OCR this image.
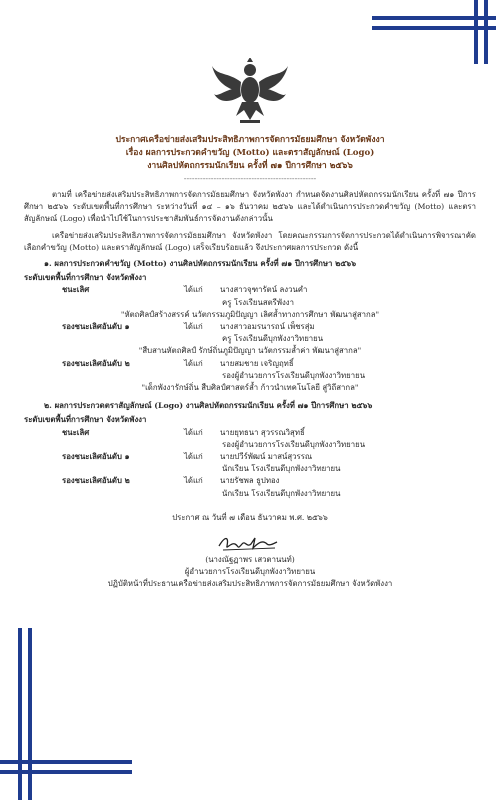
ประกาศเครือข่ายส่งเสริมประสิทธิภาพการจัดการมัธยมศึกษา จังหวัดพังงา
เรื่อง ผลการประกวดคำขวัญ (Motto) และตราสัญลักษณ์ (Logo)
งานศิลปหัตถกรรมนักเรียน ครั้งที่ ๗๑ ปีการศึกษา ๒๕๖๖
-------------------------------------------------

ตามที่ เครือข่ายส่งเสริมประสิทธิภาพการจัดการมัธยมศึกษา จังหวัดพังงา กำหนดจัดงานศิลปหัตถกรรมนักเรียน ครั้งที่ ๗๑ ปีการศึกษา ๒๕๖๖ ระดับเขตพื้นที่การศึกษา ระหว่างวันที่ ๑๔ – ๑๖ ธันวาคม ๒๕๖๖ และได้ดำเนินการประกวดคำขวัญ (Motto) และตราสัญลักษณ์ (Logo) เพื่อนำไปใช้ในการประชาสัมพันธ์การจัดงานดังกล่าวนั้น

เครือข่ายส่งเสริมประสิทธิภาพการจัดการมัธยมศึกษา จังหวัดพังงา โดยคณะกรรมการจัดการประกวดได้ดำเนินการพิจารณาคัดเลือกคำขวัญ (Motto) และตราสัญลักษณ์ (Logo) เสร็จเรียบร้อยแล้ว จึงประกาศผลการประกวด ดังนี้

๑. ผลการประกวดคำขวัญ (Motto) งานศิลปหัตถกรรมนักเรียน ครั้งที่ ๗๑ ปีการศึกษา ๒๕๖๖
ระดับเขตพื้นที่การศึกษา จังหวัดพังงา
ชนะเลิศ	ได้แก่	นางสาวจุฑารัตน์ ลงวนคำ
ครู โรงเรียนสตรีพังงา
"หัตถศิลป์สร้างสรรค์ นวัตกรรมภูมิปัญญา เลิศล้ำทางการศึกษา พัฒนาสู่สากล"
รองชนะเลิศอันดับ ๑	ได้แก่	นางสาวอมรนารถน์ เพ็ชรสุ่ม
ครู โรงเรียนดีบุกพังงาวิทยายน
"สืบสานหัตถศิลป์ รักษ์ถิ่นภูมิปัญญา นวัตกรรมล้ำค่า พัฒนาสู่สากล"
รองชนะเลิศอันดับ ๒	ได้แก่	นายสมชาย เจริญฤทธิ์
รองผู้อำนวยการโรงเรียนดีบุกพังงาวิทยายน
"เด็กพังงารักษ์ถิ่น สืบศิลป์ศาสตร์ล้ำ ก้าวนำเทคโนโลยี สู่วิถีสากล"
๒. ผลการประกวดตราสัญลักษณ์ (Logo) งานศิลปหัตถกรรมนักเรียน ครั้งที่ ๗๑ ปีการศึกษา ๒๕๖๖
ระดับเขตพื้นที่การศึกษา จังหวัดพังงา
ชนะเลิศ	ได้แก่	นายยุทธนา สุวรรณวิสุทธิ์
รองผู้อำนวยการโรงเรียนดีบุกพังงาวิทยายน
รองชนะเลิศอันดับ ๑	ได้แก่	นายปวีร์พัฒน์ มาสน์สุวรรณ
นักเรียน โรงเรียนดีบุกพังงาวิทยายน
รองชนะเลิศอันดับ ๒	ได้แก่	นายรัชพล ธูปทอง
นักเรียน โรงเรียนดีบุกพังงาวิทยายน
ประกาศ ณ วันที่ ๗ เดือน ธันวาคม พ.ศ. ๒๕๖๖
(นางณัฐฏาพร เสวตานนท์)
ผู้อำนวยการโรงเรียนดีบุกพังงาวิทยายน
ปฏิบัติหน้าที่ประธานเครือข่ายส่งเสริมประสิทธิภาพการจัดการมัธยมศึกษา จังหวัดพังงา
